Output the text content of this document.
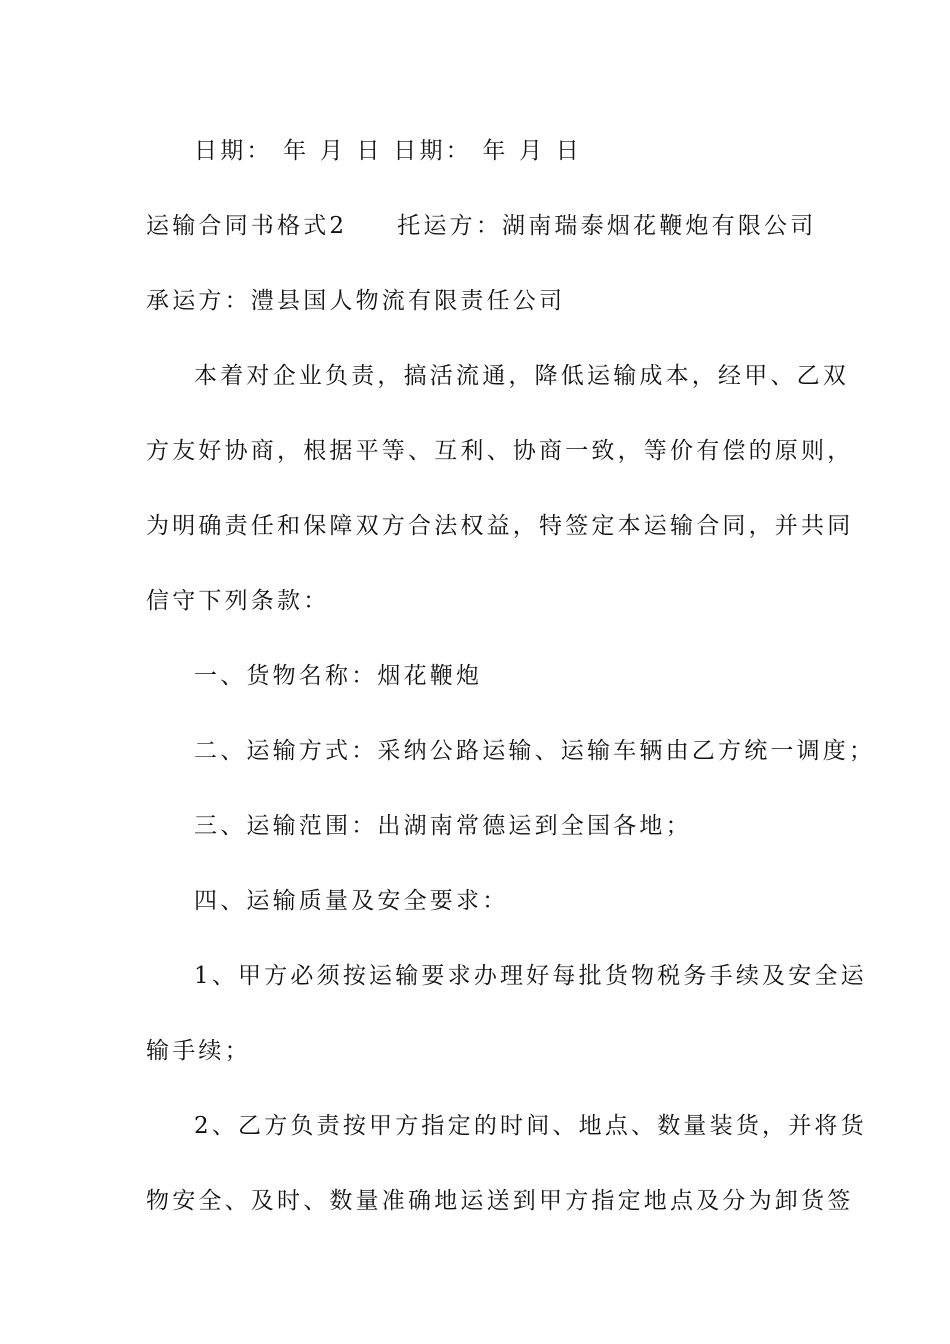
日期： 年 月 日 日期： 年 月 日
运输合同书格式2 托运方：湖南瑞泰烟花鞭炮有限公司
承运方：澧县国人物流有限责任公司
本着对企业负责，搞活流通，降低运输成本，经甲、乙双
方友好协商，根据平等、互利、协商一致，等价有偿的原则，
为明确责任和保障双方合法权益，特签定本运输合同，并共同
信守下列条款：
一、货物名称：烟花鞭炮
二、运输方式：采纳公路运输、运输车辆由乙方统一调度；
三、运输范围：出湖南常德运到全国各地；
四、运输质量及安全要求：
1、甲方必须按运输要求办理好每批货物税务手续及安全运
输手续；
2、乙方负责按甲方指定的时间、地点、数量装货，并将货
物安全、及时、数量准确地运送到甲方指定地点及分为卸货签
